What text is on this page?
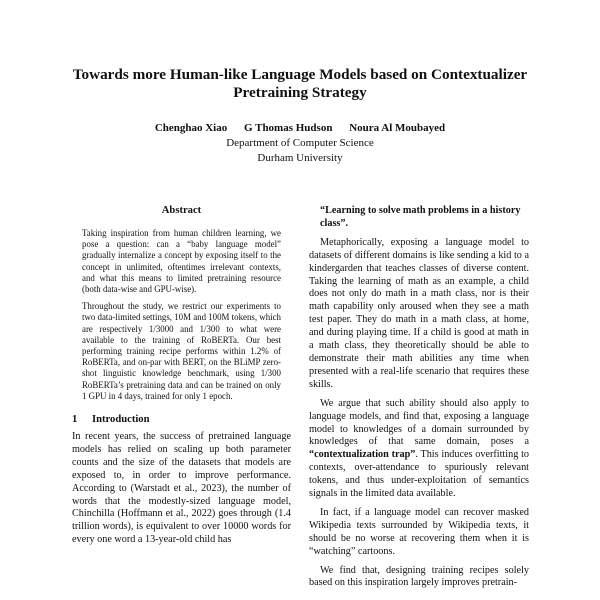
Towards more Human-like Language Models based on Contextualizer Pretraining Strategy
Chenghao Xiao G Thomas Hudson Noura Al Moubayed
Department of Computer Science
Durham University
Abstract

Taking inspiration from human children learning, we pose a question: can a “baby language model” gradually internalize a concept by exposing itself to the concept in unlimited, oftentimes irrelevant contexts, and what this means to limited pretraining resource (both data-wise and GPU-wise).

Throughout the study, we restrict our experiments to two data-limited settings, 10M and 100M tokens, which are respectively 1/3000 and 1/300 to what were available to the training of RoBERTa. Our best performing training recipe performs within 1.2% of RoBERTa, and on-par with BERT, on the BLiMP zero-shot linguistic knowledge benchmark, using 1/300 RoBERTa’s pretraining data and can be trained on only 1 GPU in 4 days, trained for only 1 epoch.

1	Introduction

In recent years, the success of pretrained language models has relied on scaling up both parameter counts and the size of the datasets that models are exposed to, in order to improve performance. According to (Warstadt et al., 2023), the number of words that the modestly-sized language model, Chinchilla (Hoffmann et al., 2022) goes through (1.4 trillion words), is equivalent to over 10000 words for every one word a 13-year-old child has

“Learning to solve math problems in a history class”.

Metaphorically, exposing a language model to datasets of different domains is like sending a kid to a kindergarden that teaches classes of diverse content. Taking the learning of math as an example, a child does not only do math in a math class, nor is their math capability only aroused when they see a math test paper. They do math in a math class, at home, and during playing time. If a child is good at math in a math class, they theoretically should be able to demonstrate their math abilities any time when presented with a real-life scenario that requires these skills.

We argue that such ability should also apply to language models, and find that, exposing a language model to knowledges of a domain surrounded by knowledges of that same domain, poses a “contextualization trap”. This induces overfitting to contexts, over-attendance to spuriously relevant tokens, and thus under-exploitation of semantics signals in the limited data available.

In fact, if a language model can recover masked Wikipedia texts surrounded by Wikipedia texts, it should be no worse at recovering them when it is “watching” cartoons.

We find that, designing training recipes solely based on this inspiration largely improves pretrain-
